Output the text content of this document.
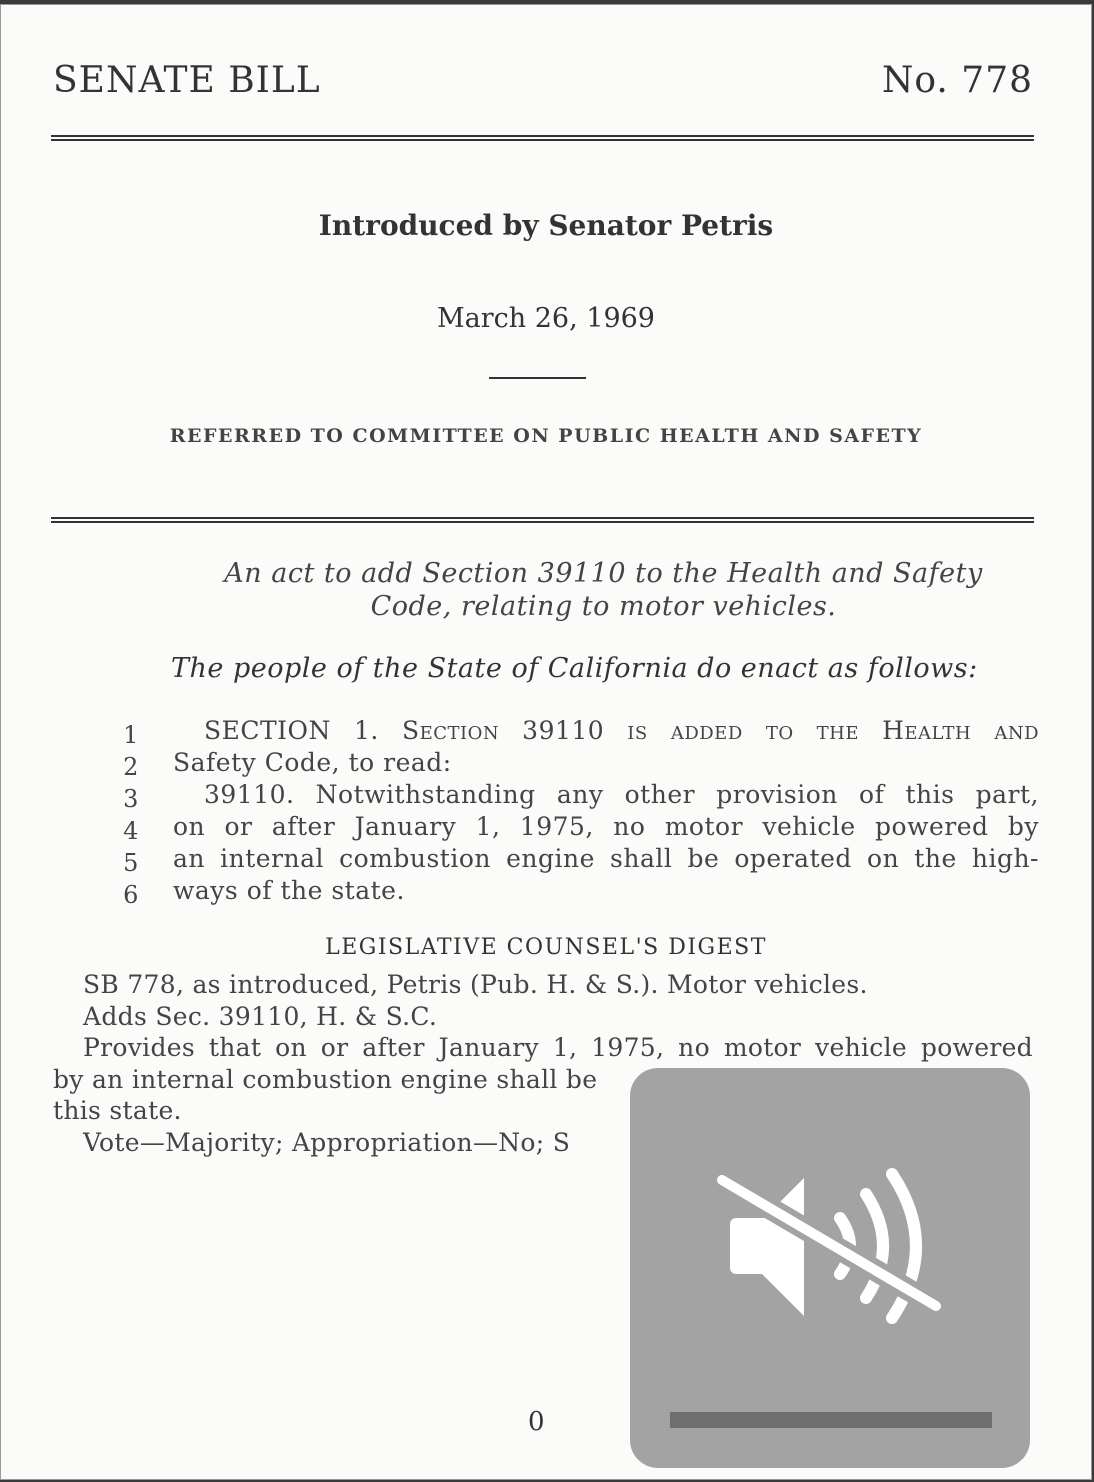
SENATE BILL	No. 778
Introduced by Senator Petris
March 26, 1969
REFERRED TO COMMITTEE ON PUBLIC HEALTH AND SAFETY
An act to add Section 39110 to the Health and Safety
Code, relating to motor vehicles.
The people of the State of California do enact as follows:
1	SECTION 1. Section 39110 is added to the Health and
2 Safety Code, to read:
3	39110. Notwithstanding any other provision of this part,
4 on or after January 1, 1975, no motor vehicle powered by
5 an internal combustion engine shall be operated on the high-
6 ways of the state.
LEGISLATIVE COUNSEL'S DIGEST
SB 778, as introduced, Petris (Pub. H. & S.). Motor vehicles.
Adds Sec. 39110, H. & S.C.
Provides that on or after January 1, 1975, no motor vehicle powered
by an internal combustion engine shall be
this state.
Vote—Majority; Appropriation—No; S
0
